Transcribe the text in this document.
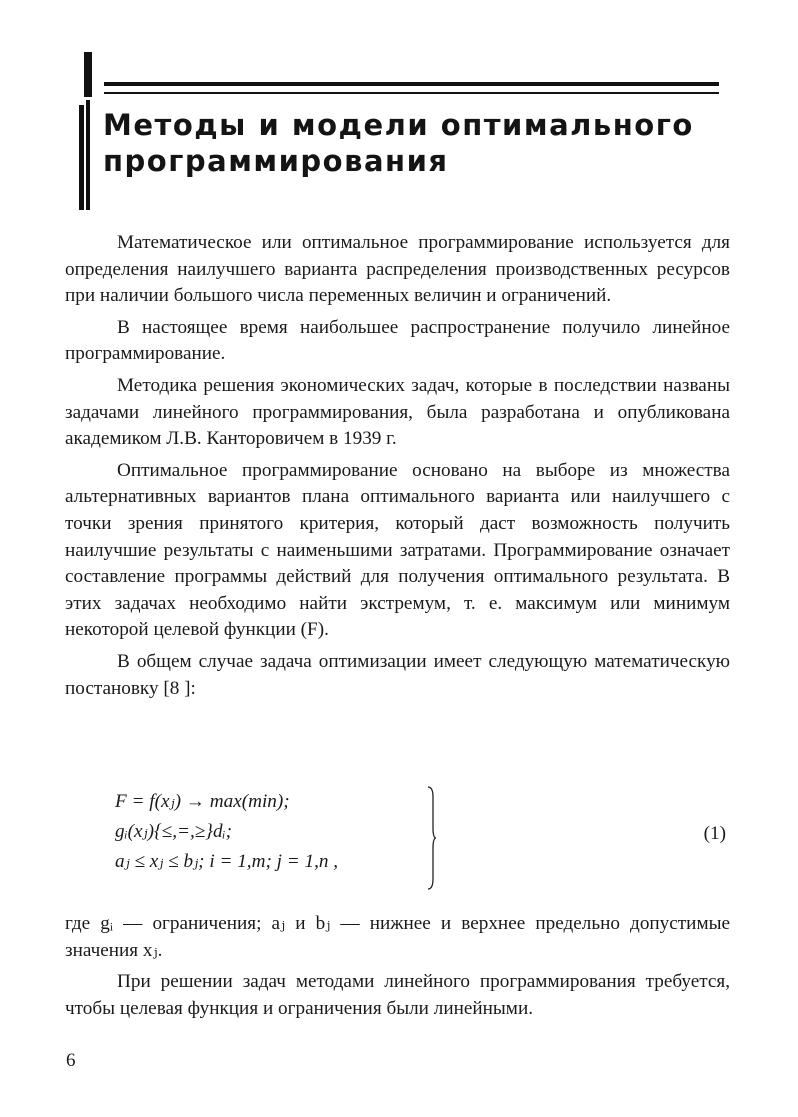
Методы и модели оптимального программирования

Математическое или оптимальное программирование используется для определения наилучшего варианта распределения производственных ресурсов при наличии большого числа переменных величин и ограничений.

В настоящее время наибольшее распространение получило линейное программирование.

Методика решения экономических задач, которые в последствии названы задачами линейного программирования, была разработана и опубликована академиком Л.В. Канторовичем в 1939 г.

Оптимальное программирование основано на выборе из множества альтернативных вариантов плана оптимального варианта или наилучшего с точки зрения принятого критерия, который даст возможность получить наилучшие результаты с наименьшими затратами. Программирование означает составление программы действий для получения оптимального результата. В этих задачах необходимо найти экстремум, т. е. максимум или минимум некоторой целевой функции (F).

В общем случае задача оптимизации имеет следующую математическую постановку [8 ]:

F = f(xⱼ) → max(min);
gᵢ(xⱼ){≤,=,≥}dᵢ;
aⱼ ≤ xⱼ ≤ bⱼ; i = 1,m; j = 1,n ,
(1)

где gᵢ — ограничения; aⱼ и bⱼ — нижнее и верхнее предельно допустимые значения xⱼ.

При решении задач методами линейного программирования требуется, чтобы целевая функция и ограничения были линейными.

6
